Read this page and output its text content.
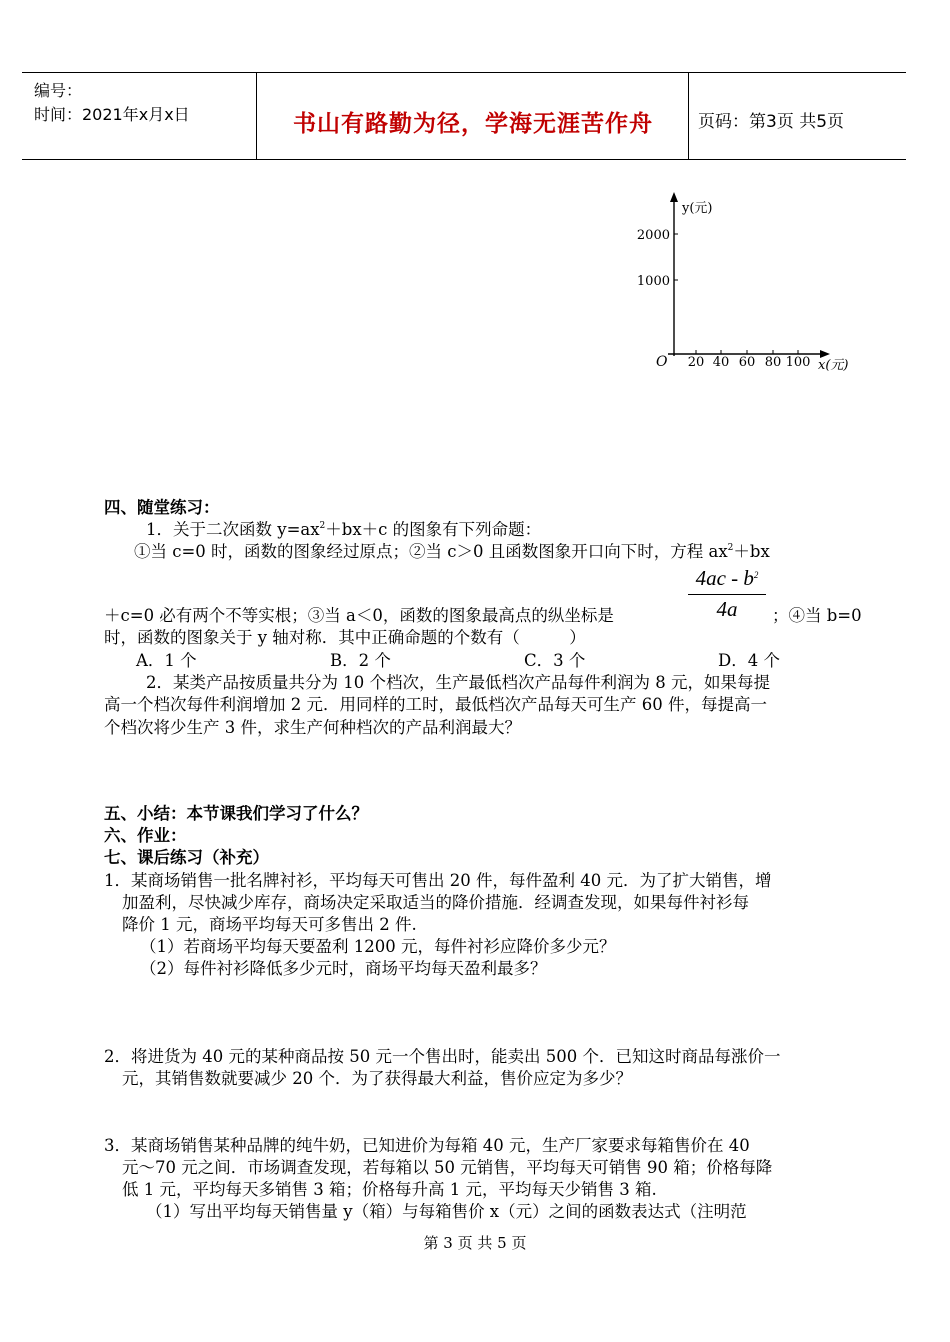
编号：
时间：2021年x月x日	书山有路勤为径，学海无涯苦作舟	页码：第3页 共5页
y(元)
x(元)
O
2000
1000
20 40 60 80 100
四、随堂练习：
1．关于二次函数 $y=ax^2+bx+c$ 的图象有下列命题：
①当 c=0 时，函数的图象经过原点；②当 c＞0 且函数图象开口向下时，方程 $ax^2+bx$
$4ac - b^2$
4a
＋c=0 必有两个不等实根；③当 a＜0，函数的图象最高点的纵坐标是	；④当 b=0
时，函数的图象关于 y 轴对称．其中正确命题的个数有（　　　）
A．1 个	B．2 个	C．3 个	D．4 个
2．某类产品按质量共分为 10 个档次，生产最低档次产品每件利润为 8 元，如果每提
高一个档次每件利润增加 2 元．用同样的工时，最低档次产品每天可生产 60 件，每提高一
个档次将少生产 3 件，求生产何种档次的产品利润最大？
五、小结：本节课我们学习了什么？
六、作业：
七、课后练习（补充）
1．某商场销售一批名牌衬衫，平均每天可售出 20 件，每件盈利 40 元．为了扩大销售，增
加盈利，尽快减少库存，商场决定采取适当的降价措施．经调查发现，如果每件衬衫每
降价 1 元，商场平均每天可多售出 2 件.
（1）若商场平均每天要盈利 1200 元，每件衬衫应降价多少元？
（2）每件衬衫降低多少元时，商场平均每天盈利最多？
2．将进货为 40 元的某种商品按 50 元一个售出时，能卖出 500 个．已知这时商品每涨价一
元，其销售数就要减少 20 个．为了获得最大利益，售价应定为多少？
3．某商场销售某种品牌的纯牛奶，已知进价为每箱 40 元，生产厂家要求每箱售价在 40
元～70 元之间．市场调查发现，若每箱以 50 元销售，平均每天可销售 90 箱；价格每降
低 1 元，平均每天多销售 3 箱；价格每升高 1 元，平均每天少销售 3 箱.
（1）写出平均每天销售量 y（箱）与每箱售价 x（元）之间的函数表达式（注明范
第 3 页 共 5 页
